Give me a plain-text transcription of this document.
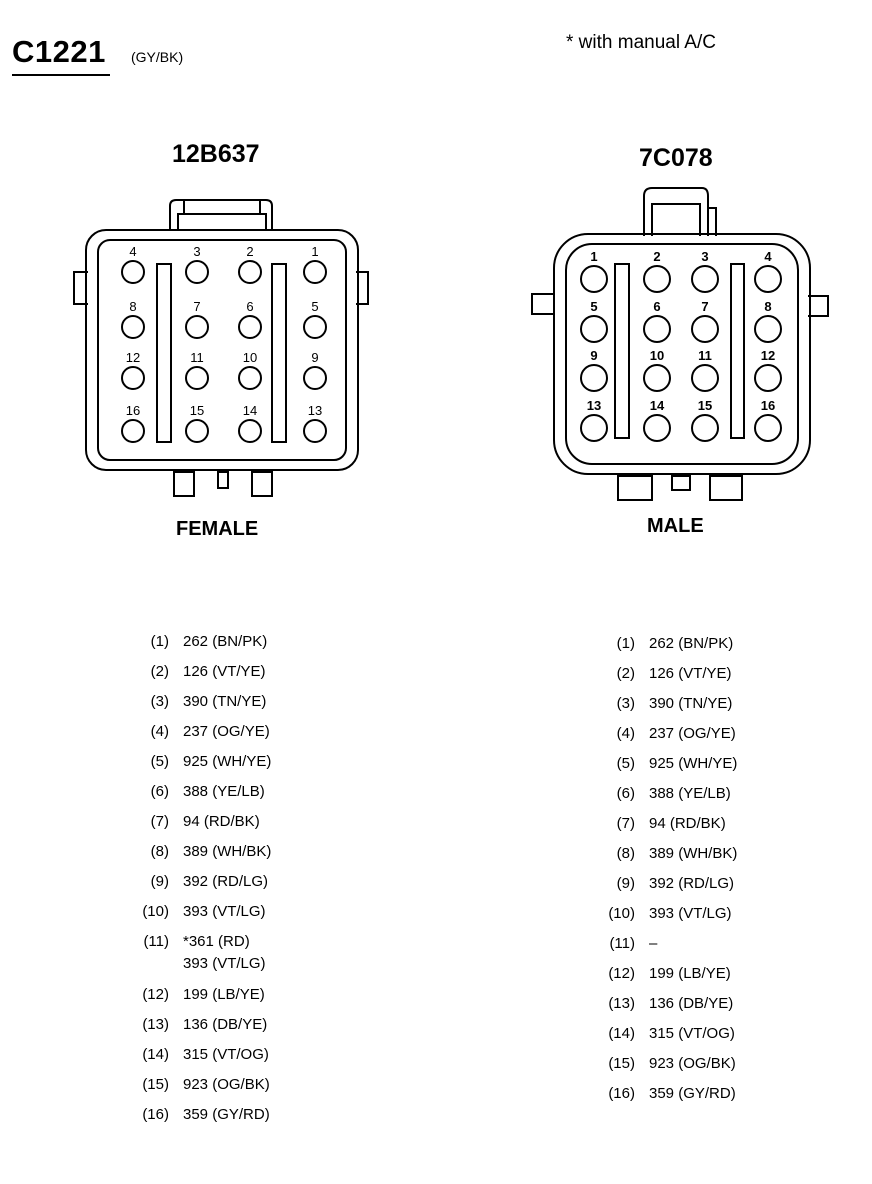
C1221 (GY/BK)
* with manual A/C
12B637	7C078
4	3	2	1
8	7	6	5
12	11	10	9
16	15	14	13
1	2	3	4
5	6	7	8
9	10	11	12
13	14	15	16
FEMALE	MALE
(1) 262 (BN/PK)
(2) 126 (VT/YE)
(3) 390 (TN/YE)
(4) 237 (OG/YE)
(5) 925 (WH/YE)
(6) 388 (YE/LB)
(7) 94 (RD/BK)
(8) 389 (WH/BK)
(9) 392 (RD/LG)
(10) 393 (VT/LG)
(11) *361 (RD)
393 (VT/LG)
(12) 199 (LB/YE)
(13) 136 (DB/YE)
(14) 315 (VT/OG)
(15) 923 (OG/BK)
(16) 359 (GY/RD)
(1) 262 (BN/PK)
(2) 126 (VT/YE)
(3) 390 (TN/YE)
(4) 237 (OG/YE)
(5) 925 (WH/YE)
(6) 388 (YE/LB)
(7) 94 (RD/BK)
(8) 389 (WH/BK)
(9) 392 (RD/LG)
(10) 393 (VT/LG)
(11) –
(12) 199 (LB/YE)
(13) 136 (DB/YE)
(14) 315 (VT/OG)
(15) 923 (OG/BK)
(16) 359 (GY/RD)
